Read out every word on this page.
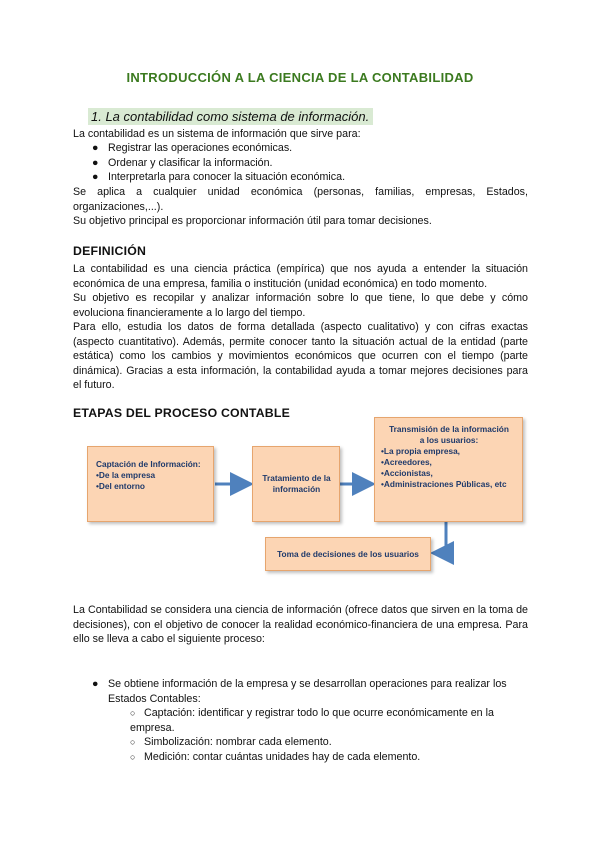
INTRODUCCIÓN A LA CIENCIA DE LA CONTABILIDAD
1. La contabilidad como sistema de información.
La contabilidad es un sistema de información que sirve para:
● Registrar las operaciones económicas.
● Ordenar y clasificar la información.
● Interpretarla para conocer la situación económica.
Se aplica a cualquier unidad económica (personas, familias, empresas, Estados, organizaciones,...).
Su objetivo principal es proporcionar información útil para tomar decisiones.
DEFINICIÓN
La contabilidad es una ciencia práctica (empírica) que nos ayuda a entender la situación económica de una empresa, familia o institución (unidad económica) en todo momento.
Su objetivo es recopilar y analizar información sobre lo que tiene, lo que debe y cómo evoluciona financieramente a lo largo del tiempo.
Para ello, estudia los datos de forma detallada (aspecto cualitativo) y con cifras exactas (aspecto cuantitativo). Además, permite conocer tanto la situación actual de la entidad (parte estática) como los cambios y movimientos económicos que ocurren con el tiempo (parte dinámica). Gracias a esta información, la contabilidad ayuda a tomar mejores decisiones para el futuro.
ETAPAS DEL PROCESO CONTABLE
Captación de Información:
•De la empresa
•Del entorno
Tratamiento de la información
Transmisión de la información
a los usuarios:
•La propia empresa,
•Acreedores,
•Accionistas,
•Administraciones Públicas, etc
Toma de decisiones de los usuarios
La Contabilidad se considera una ciencia de información (ofrece datos que sirven en la toma de decisiones), con el objetivo de conocer la realidad económico-financiera de una empresa. Para ello se lleva a cabo el siguiente proceso:
● Se obtiene información de la empresa y se desarrollan operaciones para realizar los
Estados Contables:
○ Captación: identificar y registrar todo lo que ocurre económicamente en la empresa.
○ Simbolización: nombrar cada elemento.
○ Medición: contar cuántas unidades hay de cada elemento.
